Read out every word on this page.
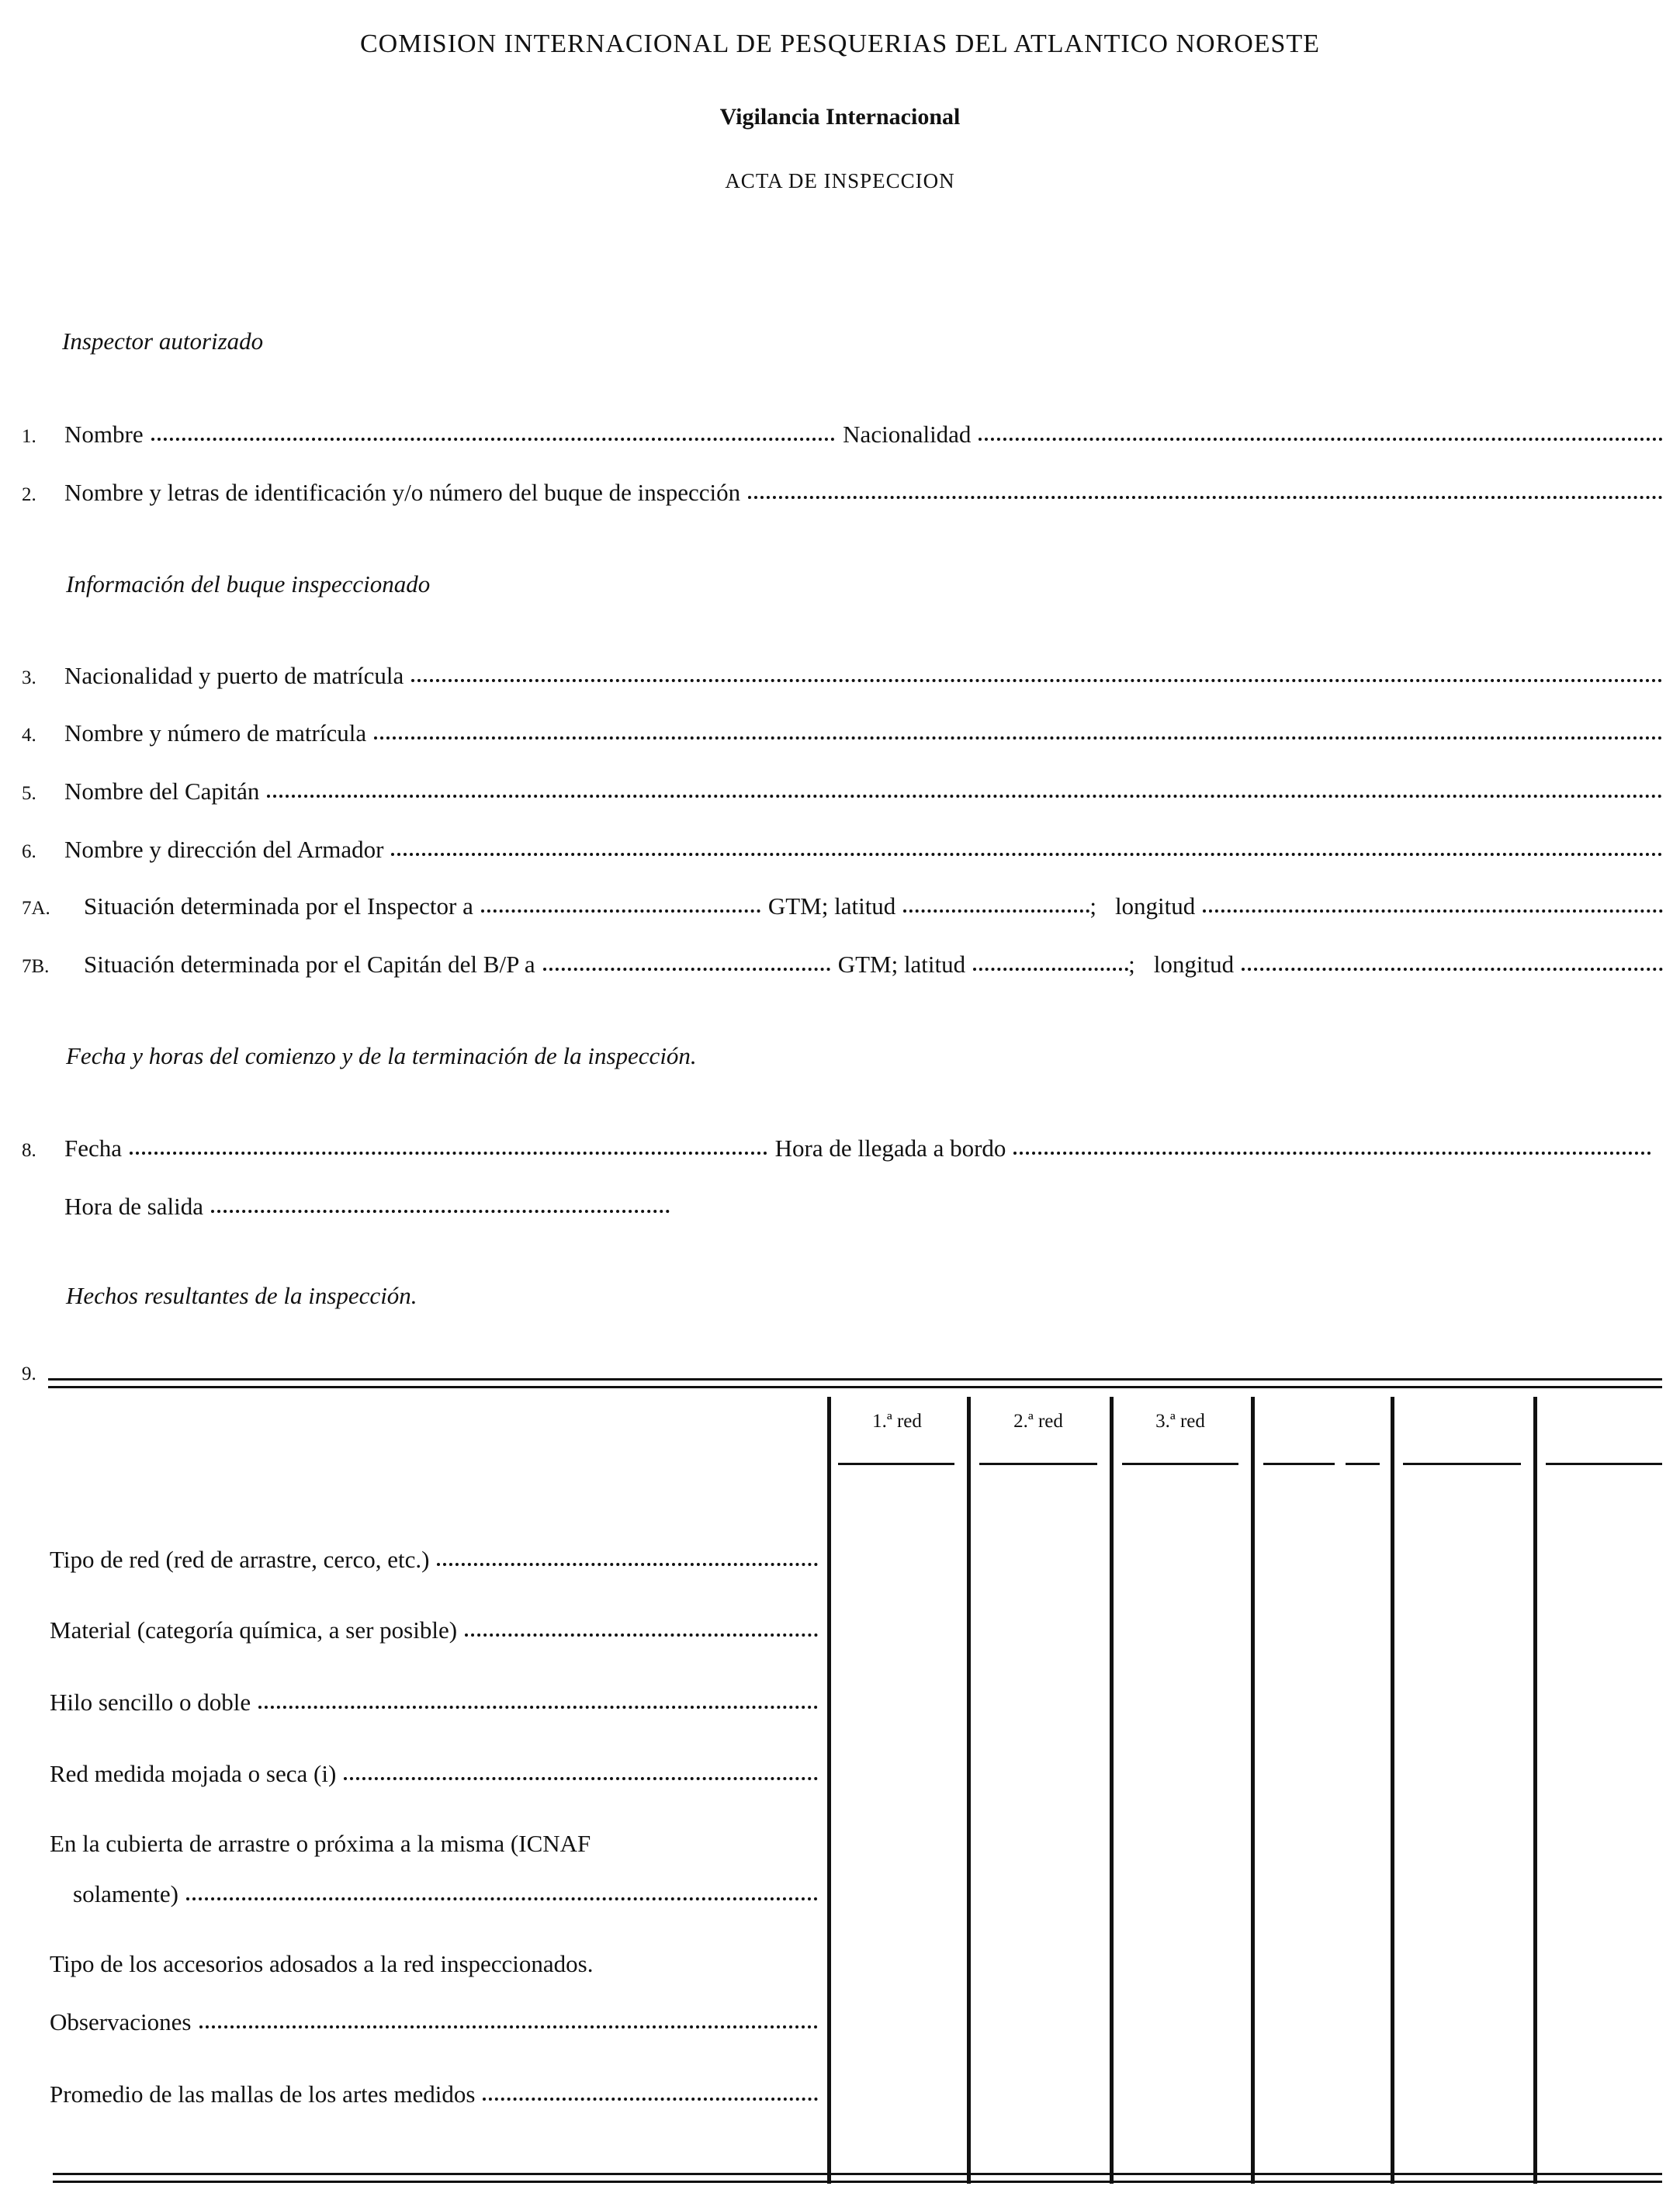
COMISION INTERNACIONAL DE PESQUERIAS DEL ATLANTICO NOROESTE
Vigilancia Internacional
ACTA DE INSPECCION
Inspector autorizado
1.	Nombre	Nacionalidad
2.	Nombre y letras de identificación y/o número del buque de inspección
Información del buque inspeccionado
3.	Nacionalidad y puerto de matrícula
4.	Nombre y número de matrícula
5.	Nombre del Capitán
6.	Nombre y dirección del Armador
7A.	Situación determinada por el Inspector a	GTM; latitud	; longitud
7B.	Situación determinada por el Capitán del B/P a	GTM; latitud	; longitud
Fecha y horas del comienzo y de la terminación de la inspección.
8.	Fecha	Hora de llegada a bordo
Hora de salida
Hechos resultantes de la inspección.
9.
1.ª red	2.ª red	3.ª red
Tipo de red (red de arrastre, cerco, etc.)
Material (categoría química, a ser posible)
Hilo sencillo o doble
Red medida mojada o seca (i)
En la cubierta de arrastre o próxima a la misma (ICNAF
solamente)
Tipo de los accesorios adosados a la red inspeccionados.
Observaciones
Promedio de las mallas de los artes medidos
